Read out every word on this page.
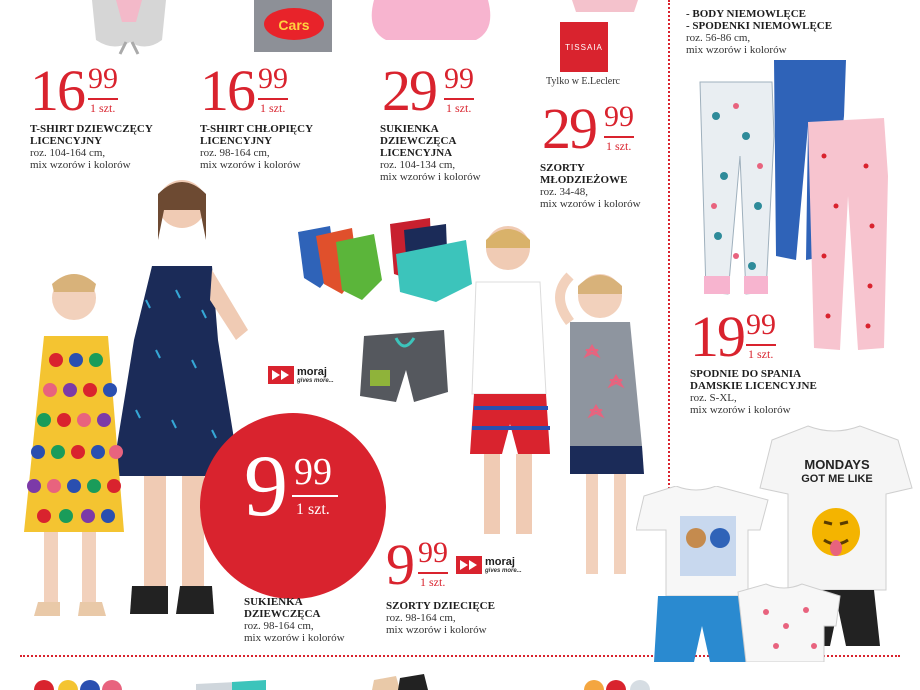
Cars
16 99
1 szt.
T-SHIRT DZIEWCZĘCY
LICENCYJNY
roz. 104-164 cm,
mix wzorów i kolorów
16 99
1 szt.
T-SHIRT CHŁOPIĘCY
LICENCYJNY
roz. 98-164 cm,
mix wzorów i kolorów
29 99
1 szt.
SUKIENKA
DZIEWCZĘCA
LICENCYJNA
roz. 104-134 cm,
mix wzorów i kolorów
TISSAIA
Tylko w E.Leclerc
29 99
1 szt.
SZORTY
MŁODZIEŻOWE
roz. 34-48,
mix wzorów i kolorów
- BODY NIEMOWLĘCE
- SPODENKI NIEMOWLĘCE
roz. 56-86 cm,
mix wzorów i kolorów
19 99
1 szt.
SPODNIE DO SPANIA
DAMSKIE LICENCYJNE
roz. S-XL,
mix wzorów i kolorów
MONDAYS
GOT ME LIKE
moraj
gives more...
9 99
1 szt.
SUKIENKA
DZIEWCZĘCA
roz. 98-164 cm,
mix wzorów i kolorów
9 99
1 szt.
moraj
gives more...
SZORTY DZIECIĘCE
roz. 98-164 cm,
mix wzorów i kolorów
